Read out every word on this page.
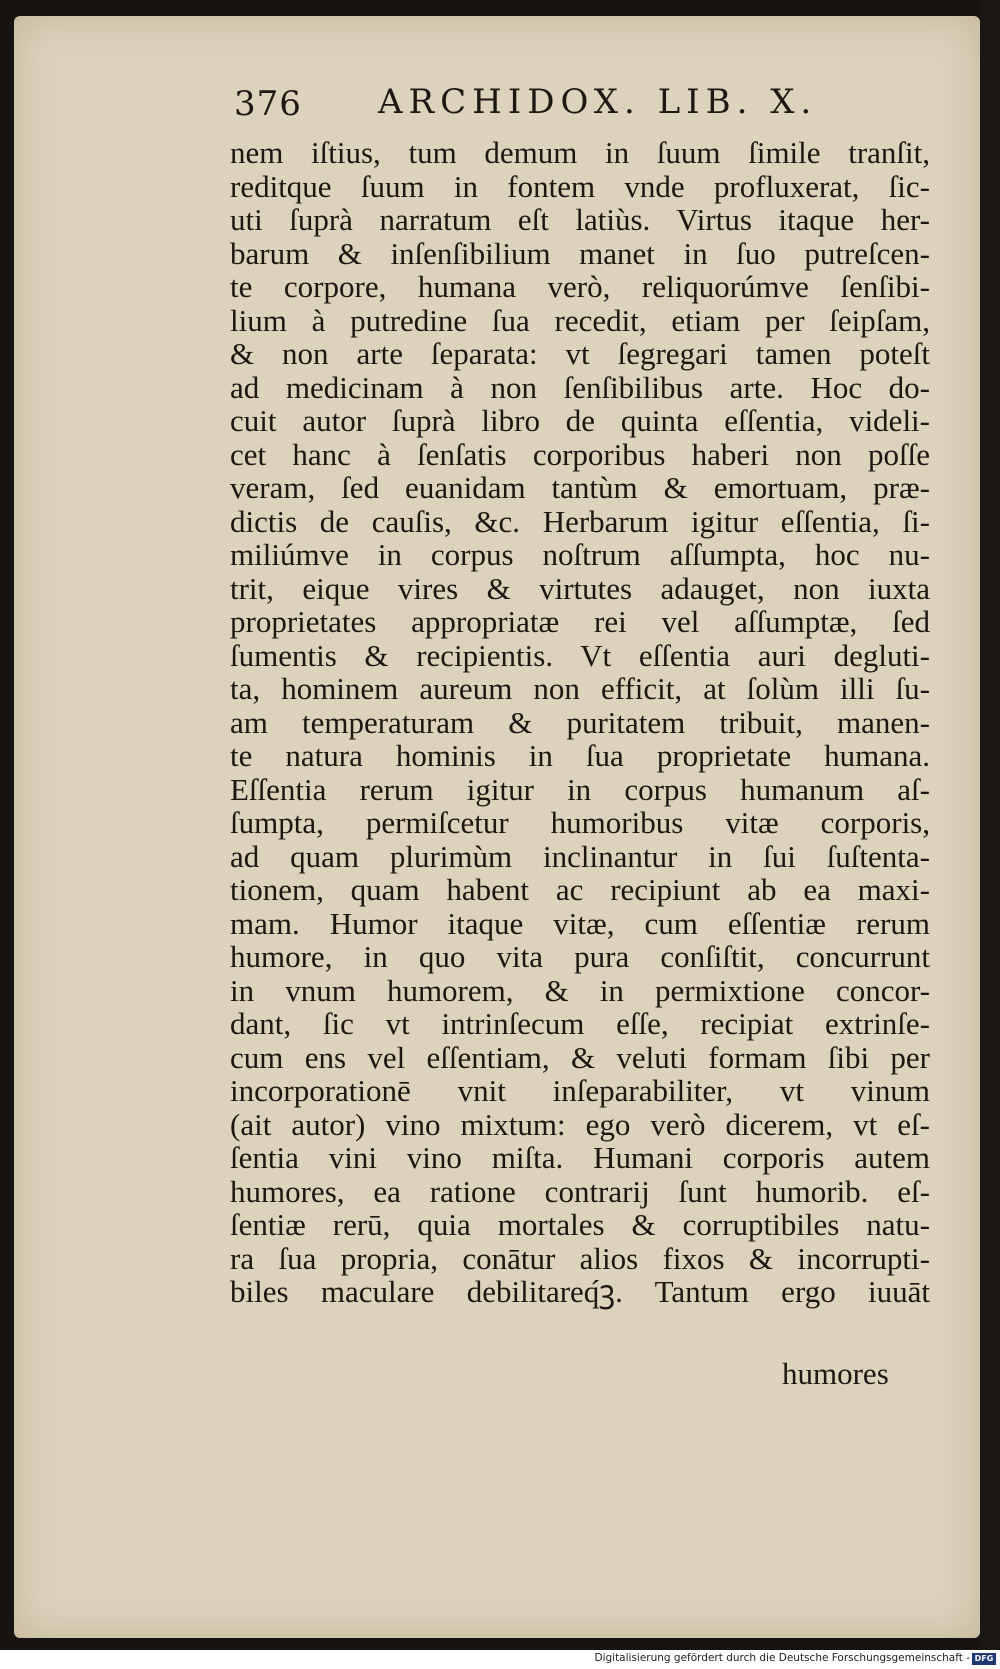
376 ARCHIDOX. LIB. X.
nem iſtius, tum demum in ſuum ſimile tranſit,
reditque ſuum in fontem vnde profluxerat, ſic-
uti ſuprà narratum eſt latiùs. Virtus itaque her-
barum & inſenſibilium manet in ſuo putreſcen-
te corpore, humana verò, reliquorúmve ſenſibi-
lium à putredine ſua recedit, etiam per ſeipſam,
& non arte ſeparata: vt ſegregari tamen poteſt
ad medicinam à non ſenſibilibus arte. Hoc do-
cuit autor ſuprà libro de quinta eſſentia, videli-
cet hanc à ſenſatis corporibus haberi non poſſe
veram, ſed euanidam tantùm & emortuam, præ-
dictis de cauſis, &c. Herbarum igitur eſſentia, ſi-
miliúmve in corpus noſtrum aſſumpta, hoc nu-
trit, eique vires & virtutes adauget, non iuxta
proprietates appropriatæ rei vel aſſumptæ, ſed
ſumentis & recipientis. Vt eſſentia auri degluti-
ta, hominem aureum non efficit, at ſolùm illi ſu-
am temperaturam & puritatem tribuit, manen-
te natura hominis in ſua proprietate humana.
Eſſentia rerum igitur in corpus humanum aſ-
ſumpta, permiſcetur humoribus vitæ corporis,
ad quam plurimùm inclinantur in ſui ſuſtenta-
tionem, quam habent ac recipiunt ab ea maxi-
mam. Humor itaque vitæ, cum eſſentiæ rerum
humore, in quo vita pura conſiſtit, concurrunt
in vnum humorem, & in permixtione concor-
dant, ſic vt intrinſecum eſſe, recipiat extrinſe-
cum ens vel eſſentiam, & veluti formam ſibi per
incorporationē vnit inſeparabiliter, vt vinum
(ait autor) vino mixtum: ego verò dicerem, vt eſ-
ſentia vini vino miſta. Humani corporis autem
humores, ea ratione contrarij ſunt humorib. eſ-
ſentiæ rerū, quia mortales & corruptibiles natu-
ra ſua propria, conātur alios fixos & incorrupti-
biles maculare debilitareq́ꝫ. Tantum ergo iuuāt
humores
Digitalisierung gefördert durch die Deutsche Forschungsgemeinschaft - DFG
